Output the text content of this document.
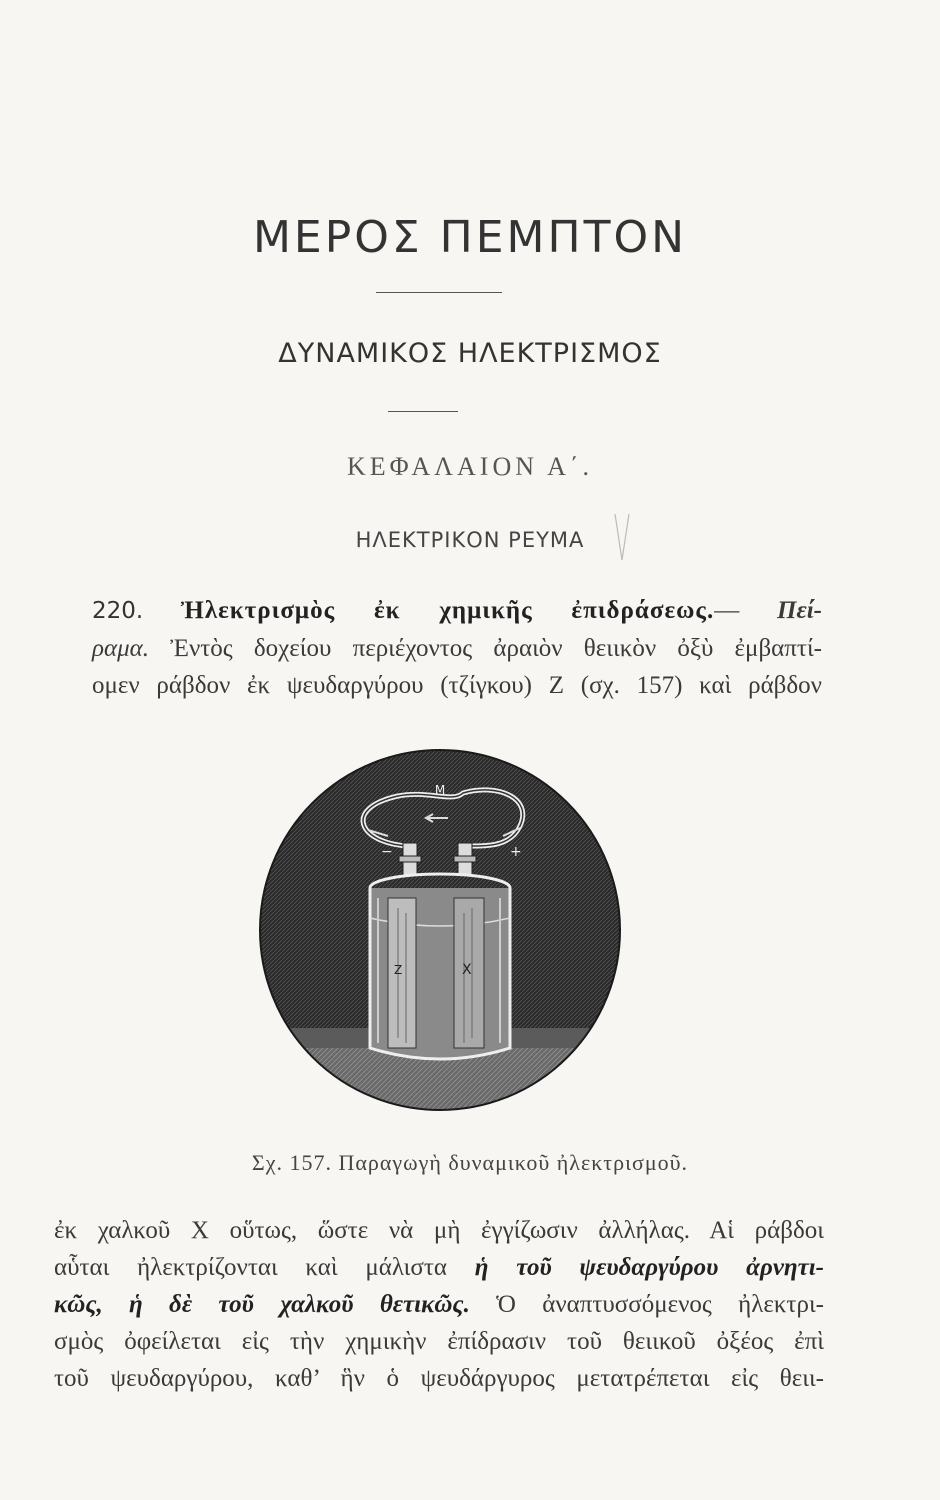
ΜΕΡΟΣ ΠΕΜΠΤΟΝ
ΔΥΝΑΜΙΚΟΣ ΗΛΕΚΤΡΙΣΜΟΣ
ΚΕΦΑΛΑΙΟΝ Α΄.
ΗΛΕΚΤΡΙΚΟΝ ΡΕΥΜΑ
220. Ἠλεκτρισμὸς ἐκ χημικῆς ἐπιδράσεως.— Πεί-
ραμα. Ἐντὸς δοχείου περιέχοντος ἀραιὸν θειικὸν ὀξὺ ἐμβαπτί-
ομεν ράβδον ἐκ ψευδαργύρου (τζίγκου) Ζ (σχ. 157) καὶ ράβδον
M
−	+
X
Z
Σχ. 157. Παραγωγὴ δυναμικοῦ ἠλεκτρισμοῦ.
ἐκ χαλκοῦ Χ οὕτως, ὥστε νὰ μὴ ἐγγίζωσιν ἀλλήλας. Αἱ ράβδοι
αὗται ἠλεκτρίζονται καὶ μάλιστα ἡ τοῦ ψευδαργύρου ἀρνητι-
κῶς, ἡ δὲ τοῦ χαλκοῦ θετικῶς. Ὁ ἀναπτυσσόμενος ἠλεκτρι-
σμὸς ὀφείλεται εἰς τὴν χημικὴν ἐπίδρασιν τοῦ θειικοῦ ὀξέος ἐπὶ
τοῦ ψευδαργύρου, καθ’ ἣν ὁ ψευδάργυρος μετατρέπεται εἰς θειι-
